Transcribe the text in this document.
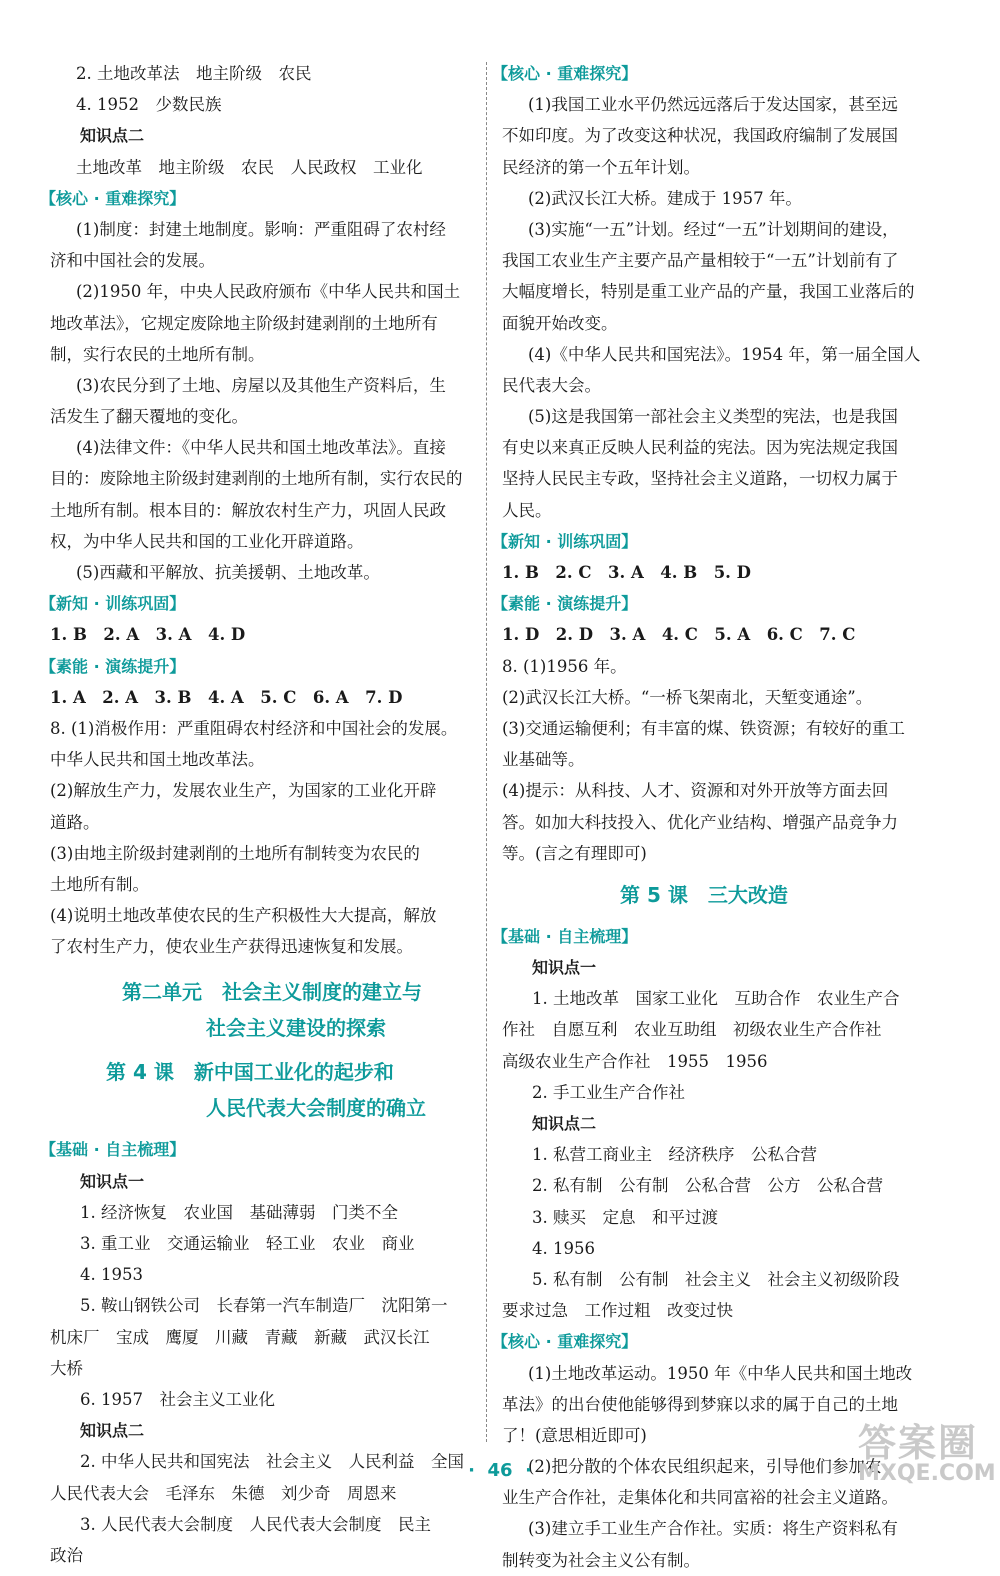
2. 土地改革法　地主阶级　农民
4. 1952　少数民族
知识点二
土地改革　地主阶级　农民　人民政权　工业化
【核心 · 重难探究】
(1)制度：封建土地制度。影响：严重阻碍了农村经
济和中国社会的发展。
(2)1950 年，中央人民政府颁布《中华人民共和国土
地改革法》，它规定废除地主阶级封建剥削的土地所有
制，实行农民的土地所有制。
(3)农民分到了土地、房屋以及其他生产资料后，生
活发生了翻天覆地的变化。
(4)法律文件：《中华人民共和国土地改革法》。直接
目的：废除地主阶级封建剥削的土地所有制，实行农民的
土地所有制。根本目的：解放农村生产力，巩固人民政
权，为中华人民共和国的工业化开辟道路。
(5)西藏和平解放、抗美援朝、土地改革。
【新知 · 训练巩固】
1. B　2. A　3. A　4. D
【素能 · 演练提升】
1. A　2. A　3. B　4. A　5. C　6. A　7. D
8. (1)消极作用：严重阻碍农村经济和中国社会的发展。
中华人民共和国土地改革法。
(2)解放生产力，发展农业生产，为国家的工业化开辟
道路。
(3)由地主阶级封建剥削的土地所有制转变为农民的
土地所有制。
(4)说明土地改革使农民的生产积极性大大提高，解放
了农村生产力，使农业生产获得迅速恢复和发展。
第二单元　社会主义制度的建立与
社会主义建设的探索
第 4 课　新中国工业化的起步和
人民代表大会制度的确立
【基础 · 自主梳理】
知识点一
1. 经济恢复　农业国　基础薄弱　门类不全
3. 重工业　交通运输业　轻工业　农业　商业
4. 1953
5. 鞍山钢铁公司　长春第一汽车制造厂　沈阳第一
机床厂　宝成　鹰厦　川藏　青藏　新藏　武汉长江
大桥
6. 1957　社会主义工业化
知识点二
2. 中华人民共和国宪法　社会主义　人民利益　全国
人民代表大会　毛泽东　朱德　刘少奇　周恩来
3. 人民代表大会制度　人民代表大会制度　民主
政治
【核心 · 重难探究】
(1)我国工业水平仍然远远落后于发达国家，甚至远
不如印度。为了改变这种状况，我国政府编制了发展国
民经济的第一个五年计划。
(2)武汉长江大桥。建成于 1957 年。
(3)实施“一五”计划。经过“一五”计划期间的建设，
我国工农业生产主要产品产量相较于“一五”计划前有了
大幅度增长，特别是重工业产品的产量，我国工业落后的
面貌开始改变。
(4)《中华人民共和国宪法》。1954 年，第一届全国人
民代表大会。
(5)这是我国第一部社会主义类型的宪法，也是我国
有史以来真正反映人民利益的宪法。因为宪法规定我国
坚持人民民主专政，坚持社会主义道路，一切权力属于
人民。
【新知 · 训练巩固】
1. B　2. C　3. A　4. B　5. D
【素能 · 演练提升】
1. D　2. D　3. A　4. C　5. A　6. C　7. C
8. (1)1956 年。
(2)武汉长江大桥。“一桥飞架南北，天堑变通途”。
(3)交通运输便利；有丰富的煤、铁资源；有较好的重工
业基础等。
(4)提示：从科技、人才、资源和对外开放等方面去回
答。如加大科技投入、优化产业结构、增强产品竞争力
等。(言之有理即可)
第 5 课　三大改造
【基础 · 自主梳理】
知识点一
1. 土地改革　国家工业化　互助合作　农业生产合
作社　自愿互利　农业互助组　初级农业生产合作社
高级农业生产合作社　1955　1956
2. 手工业生产合作社
知识点二
1. 私营工商业主　经济秩序　公私合营
2. 私有制　公有制　公私合营　公方　公私合营
3. 赎买　定息　和平过渡
4. 1956
5. 私有制　公有制　社会主义　社会主义初级阶段
要求过急　工作过粗　改变过快
【核心 · 重难探究】
(1)土地改革运动。1950 年《中华人民共和国土地改
革法》的出台使他能够得到梦寐以求的属于自己的土地
了！(意思相近即可)
(2)把分散的个体农民组织起来，引导他们参加农
业生产合作社，走集体化和共同富裕的社会主义道路。
(3)建立手工业生产合作社。实质：将生产资料私有
制转变为社会主义公有制。
·  46  ·
答案圈
MXQE.COM
